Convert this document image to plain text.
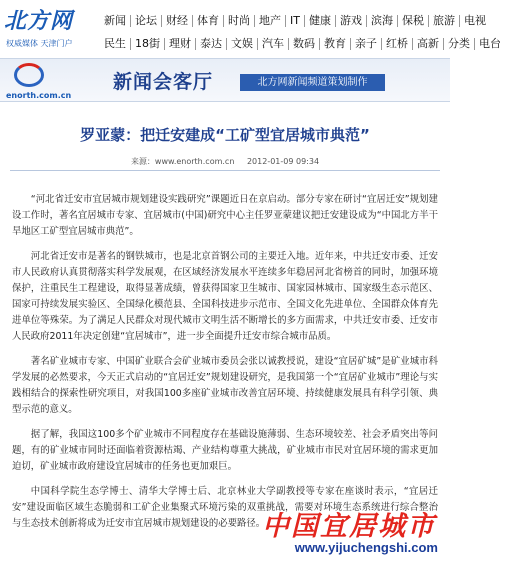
北方网
权威媒体 天津门户
新闻 论坛 财经 体育 时尚 地产 IT 健康 游戏 滨海 保税 旅游 电视
民生 18街 理财 泰达 文娱 汽车 数码 教育 亲子 红桥 高新 分类 电台
enorth.com.cn
新闻会客厅	北方网新闻频道策划制作
罗亚蒙：把迁安建成“工矿型宜居城市典范”
来源：www.enorth.com.cn 2012-01-09 09:34

“河北省迁安市宜居城市规划建设实践研究”课题近日在京启动。部分专家在研讨“宜居迁安”规划建设工作时，著名宜居城市专家、宜居城市(中国)研究中心主任罗亚蒙建议把迁安建设成为“中国北方半干旱地区工矿型宜居城市典范”。

河北省迁安市是著名的钢铁城市，也是北京首钢公司的主要迁入地。近年来，中共迁安市委、迁安市人民政府认真贯彻落实科学发展观，在区域经济发展水平连续多年稳居河北省榜首的同时，加强环境保护，注重民生工程建设，取得显著成绩，曾获得国家卫生城市、国家园林城市、国家级生态示范区、国家可持续发展实验区、全国绿化模范县、全国科技进步示范市、全国文化先进单位、全国群众体育先进单位等殊荣。为了满足人民群众对现代城市文明生活不断增长的多方面需求，中共迁安市委、迁安市人民政府2011年决定创建“宜居城市”，进一步全面提升迁安市综合城市品质。

著名矿业城市专家、中国矿业联合会矿业城市委员会张以诚教授说，建设“宜居矿城”是矿业城市科学发展的必然要求，今天正式启动的“宜居迁安”规划建设研究，是我国第一个“宜居矿业城市”理论与实践相结合的探索性研究项目，对我国100多座矿业城市改善宜居环境、持续健康发展具有科学引领、典型示范的意义。

据了解，我国这100多个矿业城市不同程度存在基础设施薄弱、生态环境较差、社会矛盾突出等问题，有的矿业城市同时还面临着资源枯竭、产业结构尊重大挑战，矿业城市市民对宜居环境的需求更加迫切，矿业城市政府建设宜居城市的任务也更加艰巨。

中国科学院生态学博士、清华大学博士后、北京林业大学副教授等专家在座谈时表示，“宜居迁安”建设面临区域生态脆弱和工矿企业集聚式环境污染的双重挑战，需要对环境生态系统进行综合整治与生态技术创新将成为迁安市宜居城市规划建设的必要路径。

中国宜居城市
www.yijuchengshi.com
